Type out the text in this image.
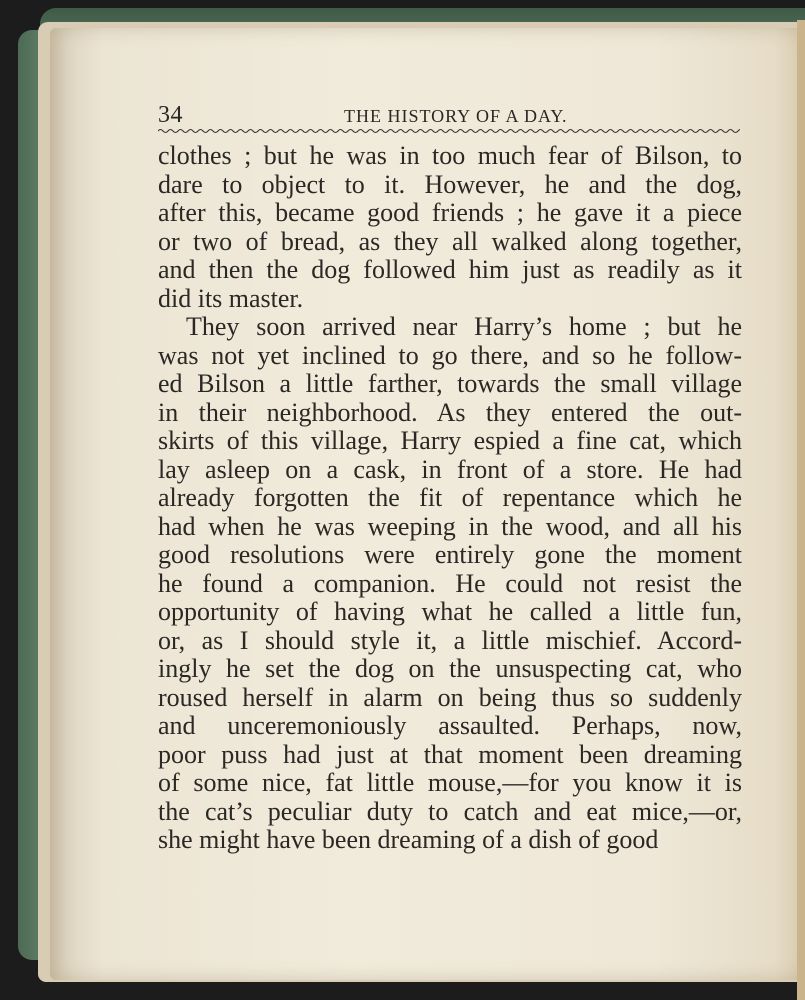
34	THE HISTORY OF A DAY.
clothes ; but he was in too much fear of Bilson, to
dare to object to it. However, he and the dog,
after this, became good friends ; he gave it a piece
or two of bread, as they all walked along together,
and then the dog followed him just as readily as it
did its master.
They soon arrived near Harry’s home ; but he
was not yet inclined to go there, and so he follow-
ed Bilson a little farther, towards the small village
in their neighborhood. As they entered the out-
skirts of this village, Harry espied a fine cat, which
lay asleep on a cask, in front of a store. He had
already forgotten the fit of repentance which he
had when he was weeping in the wood, and all his
good resolutions were entirely gone the moment
he found a companion. He could not resist the
opportunity of having what he called a little fun,
or, as I should style it, a little mischief. Accord-
ingly he set the dog on the unsuspecting cat, who
roused herself in alarm on being thus so suddenly
and unceremoniously assaulted. Perhaps, now,
poor puss had just at that moment been dreaming
of some nice, fat little mouse,—for you know it is
the cat’s peculiar duty to catch and eat mice,—or,
she might have been dreaming of a dish of good
